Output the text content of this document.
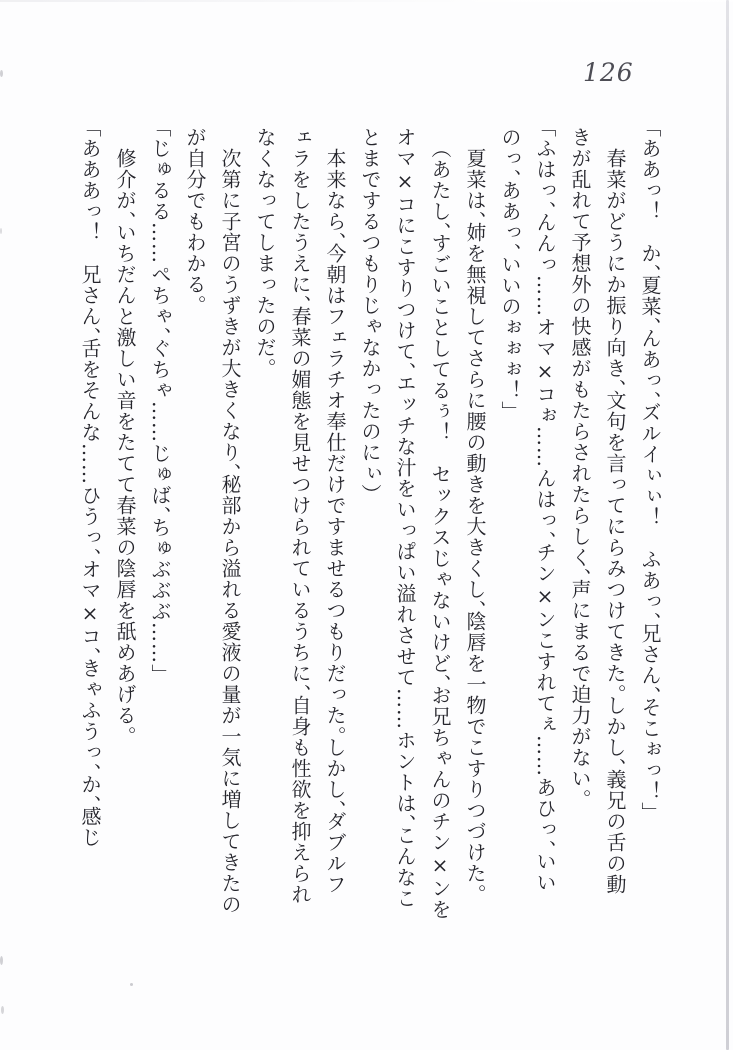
126

「ああっ！　か、夏菜、んあっ、ズルイぃぃ！　ふあっ、兄さん、そこぉっ！」

　春菜がどうにか振り向き、文句を言ってにらみつけてきた。しかし、義兄の舌の動

きが乱れて予想外の快感がもたらされたらしく、声にまるで迫力がない。

「ふはっ、んんっ……オマ×コぉ……んはっ、チン×ンこすれてぇ……あひっ、いい

のっ、ああっ、いいのぉぉぉ！」

　夏菜は、姉を無視してさらに腰の動きを大きくし、陰唇を一物でこすりつづけた。

　（あたし、すごいことしてるぅ！　セックスじゃないけど、お兄ちゃんのチン×ンを

オマ×コにこすりつけて、エッチな汁をいっぱい溢れさせて……ホントは、こんなこ

とまでするつもりじゃなかったのにぃ）

　本来なら、今朝はフェラチオ奉仕だけですませるつもりだった。しかし、ダブルフ

ェラをしたうえに、春菜の媚態を見せつけられているうちに、自身も性欲を抑えられ

なくなってしまったのだ。

　次第に子宮のうずきが大きくなり、秘部から溢れる愛液の量が一気に増してきたの

が自分でもわかる。

「じゅるる……ぺちゃ、ぐちゃ……じゅば、ちゅぶぶぶ……」

　修介が、いちだんと激しい音をたてて春菜の陰唇を舐めあげる。

「あああっ！　兄さん、舌をそんな……ひうっ、オマ×コ、きゃふうっ、か、感じ
